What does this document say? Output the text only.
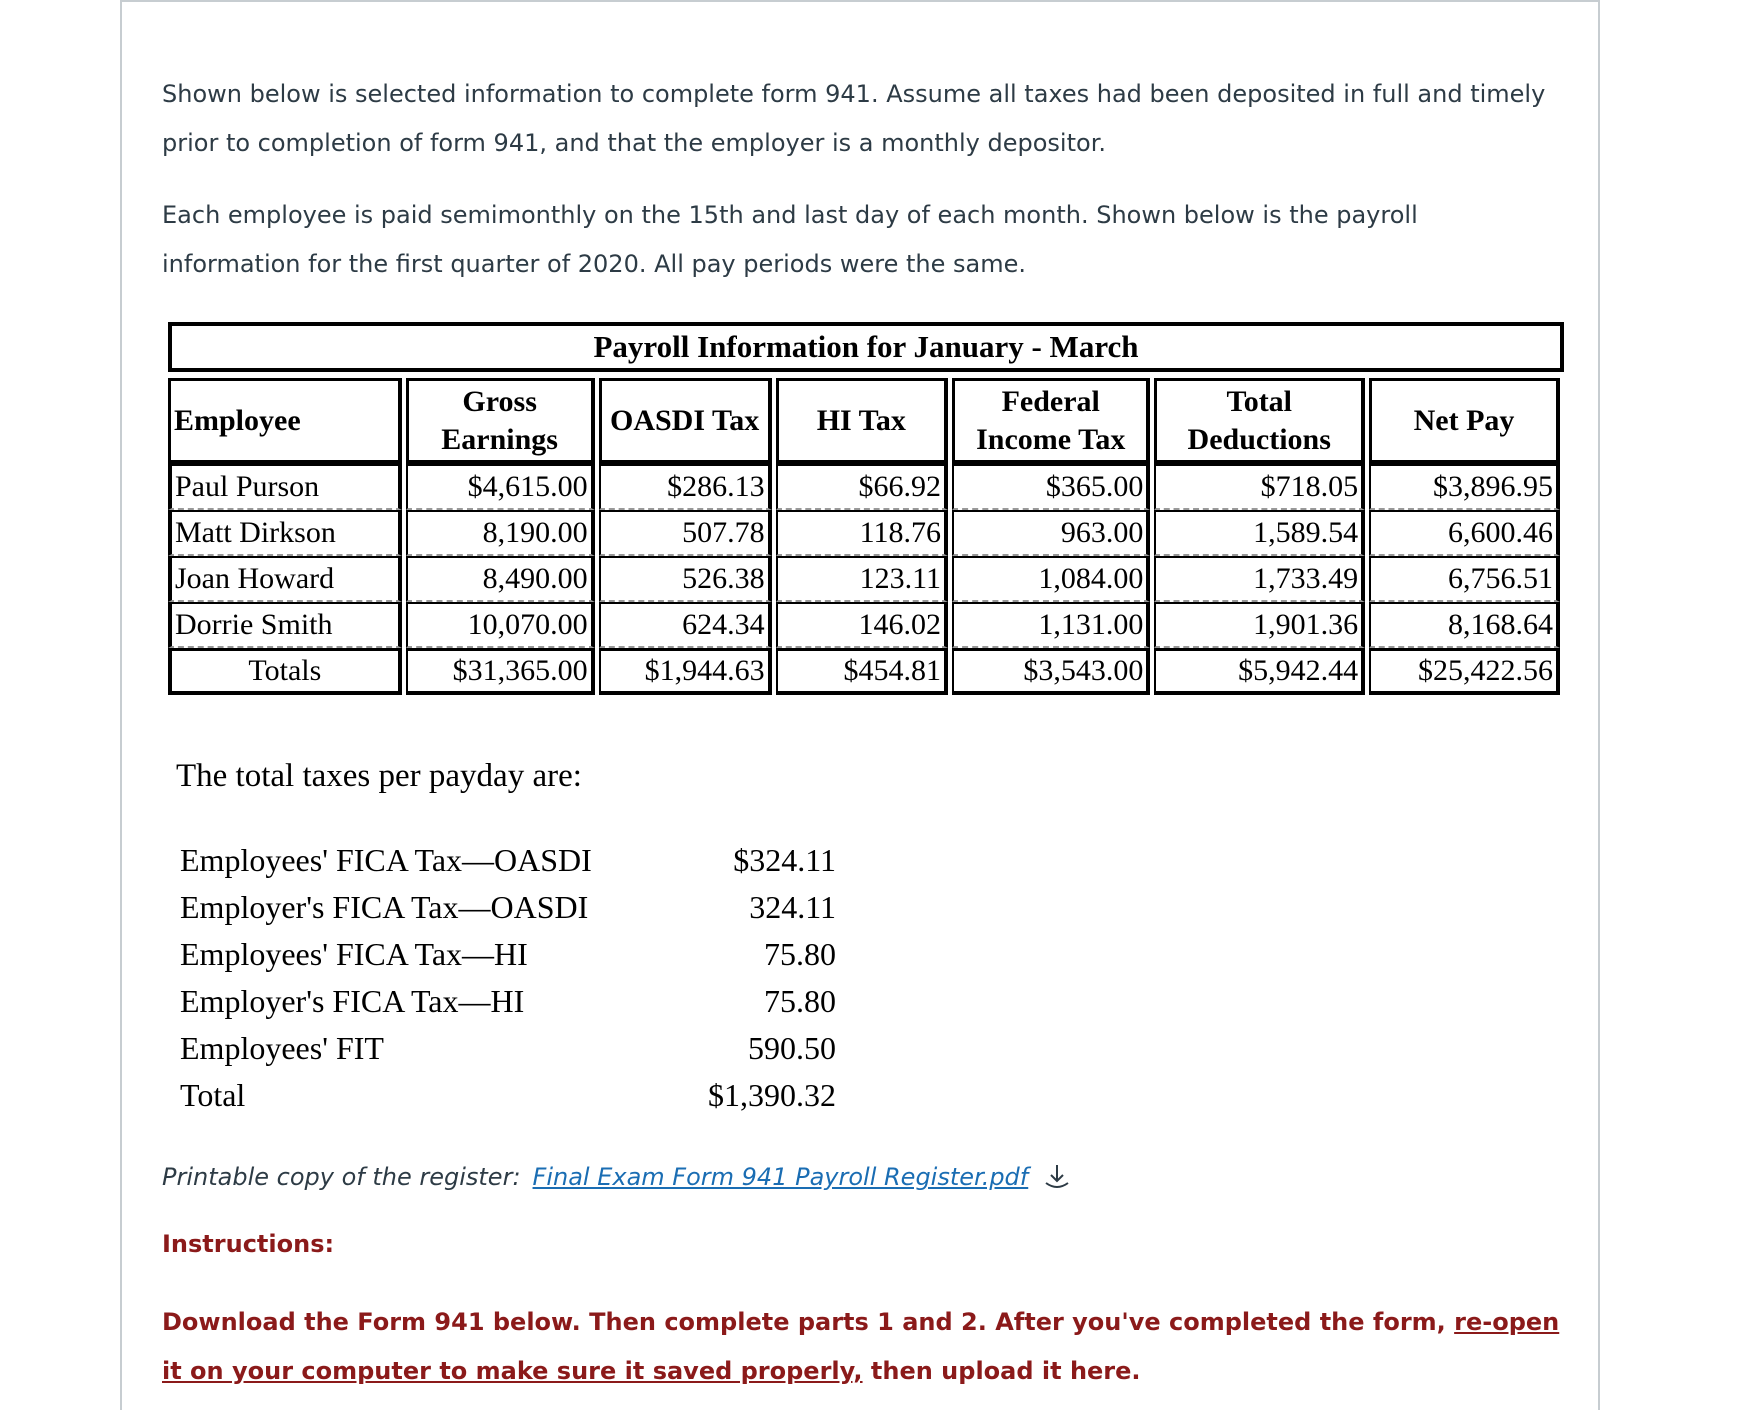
Shown below is selected information to complete form 941. Assume all taxes had been deposited in full and timely prior to completion of form 941, and that the employer is a monthly depositor.

Each employee is paid semimonthly on the 15th and last day of each month. Shown below is the payroll information for the first quarter of 2020. All pay periods were the same.

Payroll Information for January - March
Employee	Gross Earnings	OASDI Tax	HI Tax	Federal Income Tax	Total Deductions	Net Pay
Paul Purson	$4,615.00	$286.13	$66.92	$365.00	$718.05	$3,896.95
Matt Dirkson	8,190.00	507.78	118.76	963.00	1,589.54	6,600.46
Joan Howard	8,490.00	526.38	123.11	1,084.00	1,733.49	6,756.51
Dorrie Smith	10,070.00	624.34	146.02	1,131.00	1,901.36	8,168.64
Totals	$31,365.00	$1,944.63	$454.81	$3,543.00	$5,942.44	$25,422.56
The total taxes per payday are:
Employees' FICA Tax—OASDI	$324.11
Employer's FICA Tax—OASDI	324.11
Employees' FICA Tax—HI	75.80
Employer's FICA Tax—HI	75.80
Employees' FIT	590.50
Total	$1,390.32
Printable copy of the register: Final Exam Form 941 Payroll Register.pdf
Instructions:
Download the Form 941 below. Then complete parts 1 and 2. After you've completed the form, re-open it on your computer to make sure it saved properly, then upload it here.
